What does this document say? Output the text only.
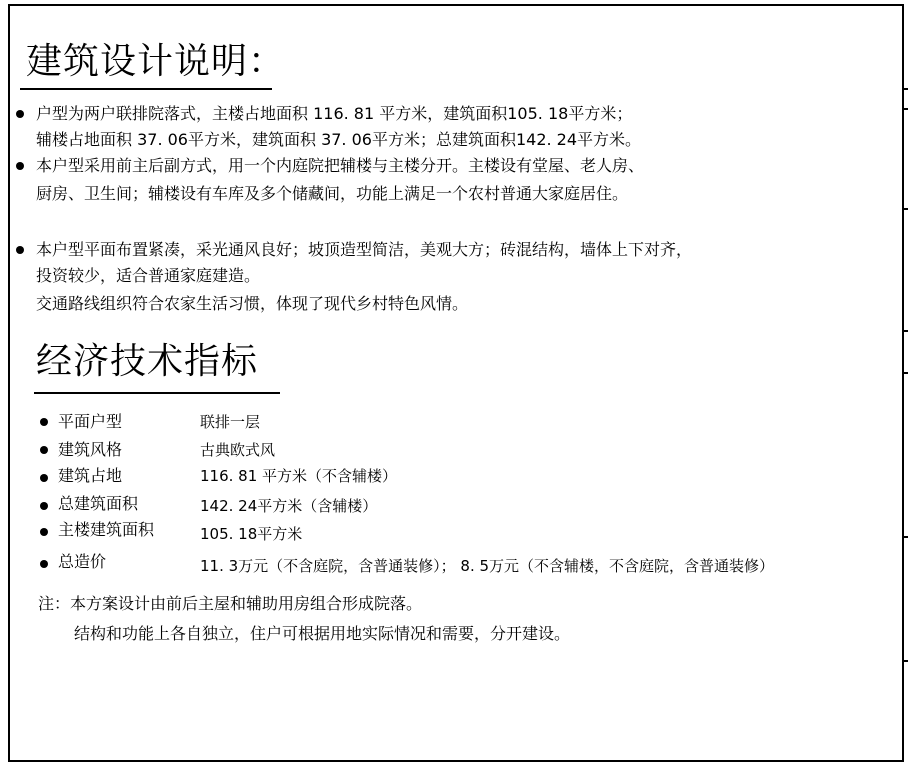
建筑设计说明：
户型为两户联排院落式，主楼占地面积 116. 81 平方米，建筑面积105. 18平方米；
辅楼占地面积 37. 06平方米，建筑面积 37. 06平方米；总建筑面积142. 24平方米。
本户型采用前主后副方式，用一个内庭院把辅楼与主楼分开。主楼设有堂屋、老人房、
厨房、卫生间；辅楼设有车库及多个储藏间，功能上满足一个农村普通大家庭居住。
本户型平面布置紧凑，采光通风良好；坡顶造型简洁，美观大方；砖混结构，墙体上下对齐，
投资较少，适合普通家庭建造。
交通路线组织符合农家生活习惯，体现了现代乡村特色风情。
经济技术指标
平面户型	联排一层
建筑风格	古典欧式风
建筑占地	116. 81 平方米（不含辅楼）
总建筑面积	142. 24平方米（含辅楼）
主楼建筑面积	105. 18平方米
总造价	11. 3万元（不含庭院，含普通装修）； 8. 5万元（不含辅楼，不含庭院，含普通装修）
注：本方案设计由前后主屋和辅助用房组合形成院落。
结构和功能上各自独立，住户可根据用地实际情况和需要，分开建设。
